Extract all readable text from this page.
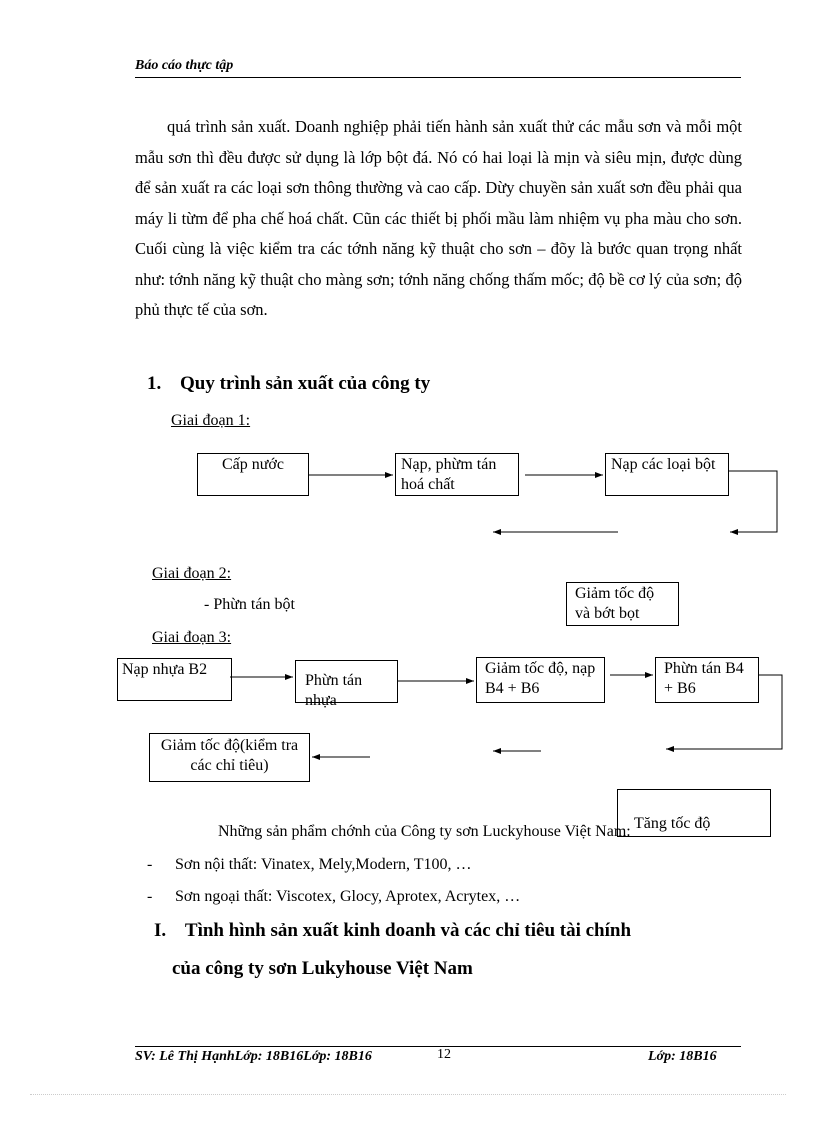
Báo cáo thực tập

quá trình sản xuất. Doanh nghiệp phải tiến hành sản xuất thử các mẫu sơn và mỗi một mẫu sơn thì đều được sử dụng là lớp bột đá. Nó có hai loại là mịn và siêu mịn, được dùng để sản xuất ra các loại sơn thông thường và cao cấp. Dừy chuyền sản xuất sơn đều phải qua máy li từm để pha chế hoá chất. Cũn các thiết bị phối mầu làm nhiệm vụ pha màu cho sơn. Cuối cùng là việc kiểm tra các tớnh năng kỹ thuật cho sơn – đõy là bước quan trọng nhất như: tớnh năng kỹ thuật cho màng sơn; tớnh năng chống thấm mốc; độ bề cơ lý của sơn; độ phủ thực tế của sơn.

1. Quy trình sản xuất của công ty
Giai đoạn 1:
Cấp nước	Nạp, phừm tán hoá chất
Nạp các loại bột
Giai đoạn 2:
- Phừn tán bột
Giảm tốc độ và bớt bọt
Giai đoạn 3:
Nạp nhựa B2
Phừn tán nhựa
Giảm tốc độ, nạp B4 + B6
Phừn tán B4 + B6
Giảm tốc độ(kiểm tra các chỉ tiêu)
Những sản phẩm chớnh của Công ty sơn Luckyhouse Việt Nam: Tăng tốc độ
- Sơn nội thất: Vinatex, Mely,Modern, T100, …
- Sơn ngoại thất: Viscotex, Glocy, Aprotex, Acrytex, …
I. Tình hình sản xuất kinh doanh và các chỉ tiêu tài chính
của công ty sơn Lukyhouse Việt Nam
SV: Lê Thị HạnhLớp: 18B16Lớp: 18B16	12	Lớp: 18B16
